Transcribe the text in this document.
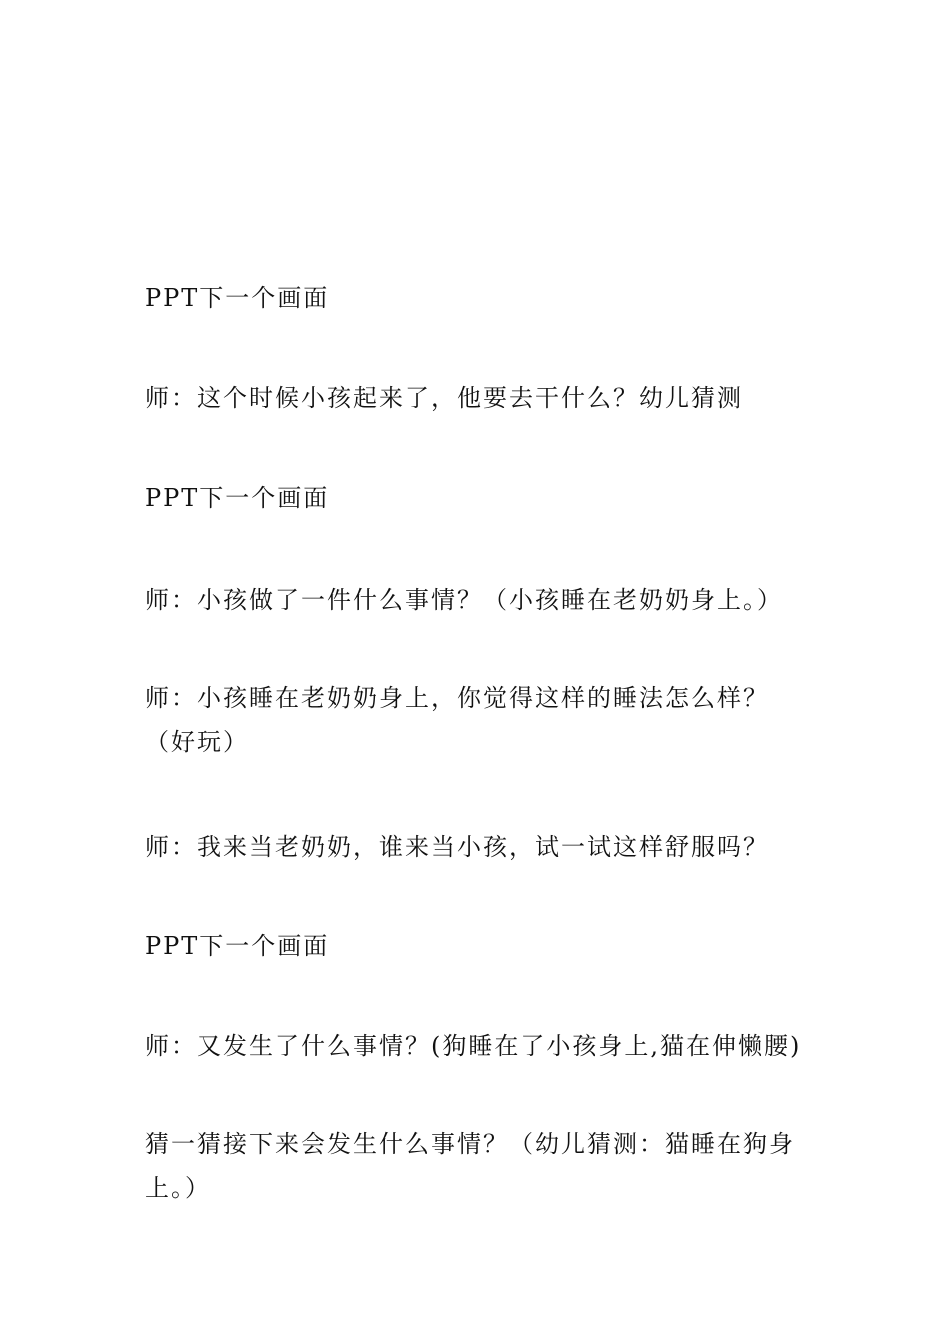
PPT下一个画面

师：这个时候小孩起来了，他要去干什么？幼儿猜测

PPT下一个画面

师：小孩做了一件什么事情？（小孩睡在老奶奶身上。）

师：小孩睡在老奶奶身上，你觉得这样的睡法怎么样？（好玩）

师：我来当老奶奶，谁来当小孩，试一试这样舒服吗？

PPT下一个画面

师：又发生了什么事情？(狗睡在了小孩身上,猫在伸懒腰)

猜一猜接下来会发生什么事情？（幼儿猜测：猫睡在狗身上。）
